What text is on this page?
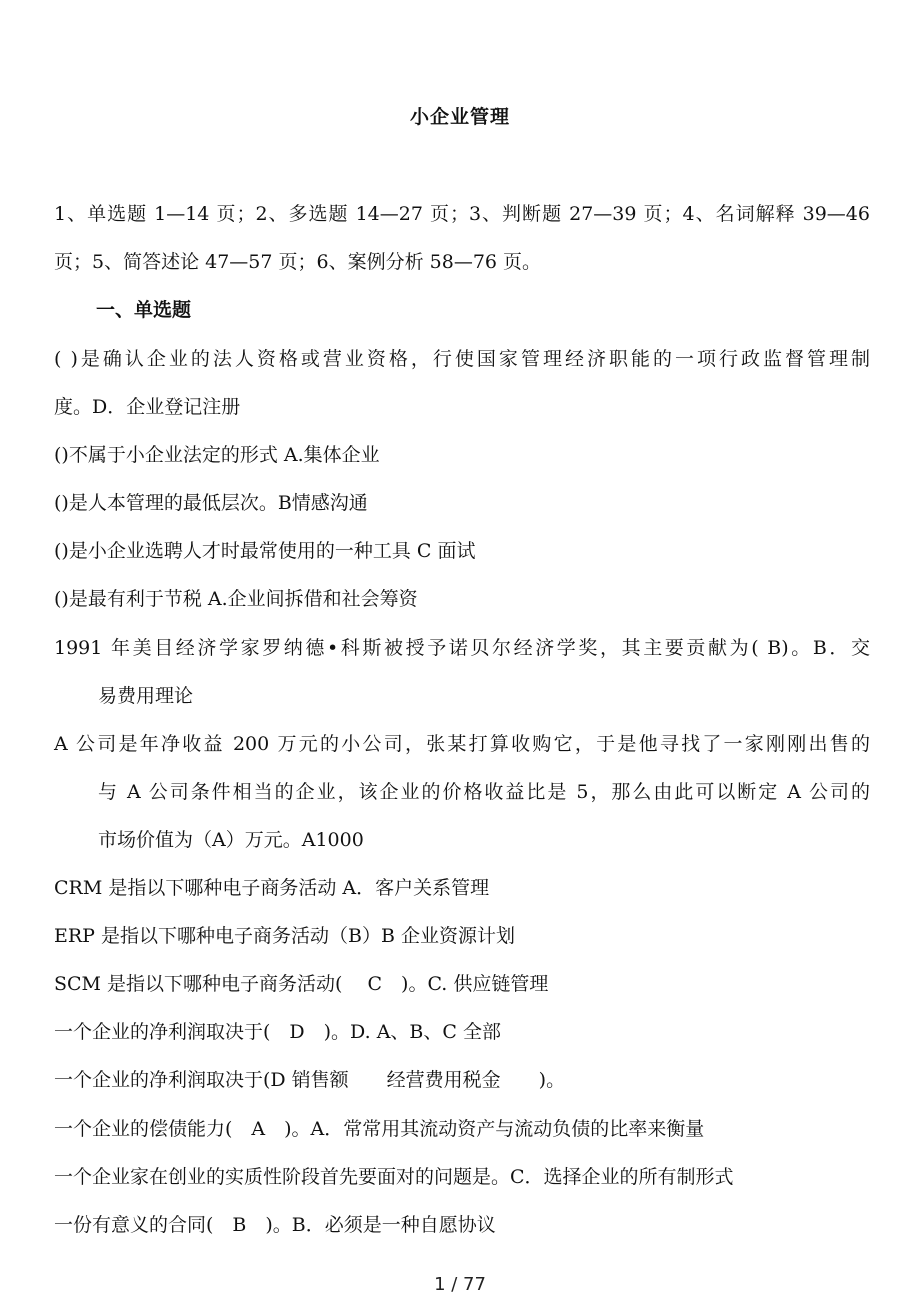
小企业管理
1、单选题 1—14 页；2、多选题 14—27 页；3、判断题 27—39 页；4、名词解释 39—46
页；5、简答述论 47—57 页；6、案例分析 58—76 页。
一、单选题
( )是确认企业的法人资格或营业资格，行使国家管理经济职能的一项行政监督管理制
度。D．企业登记注册
()不属于小企业法定的形式 A.集体企业
()是人本管理的最低层次。B情感沟通
()是小企业选聘人才时最常使用的一种工具 C 面试
()是最有利于节税 A.企业间拆借和社会筹资
1991 年美目经济学家罗纳德•科斯被授予诺贝尔经济学奖，其主要贡献为( B)。B．交
易费用理论
A 公司是年净收益 200 万元的小公司，张某打算收购它，于是他寻找了一家刚刚出售的
与 A 公司条件相当的企业，该企业的价格收益比是 5，那么由此可以断定 A 公司的
市场价值为（A）万元。A1000
CRM 是指以下哪种电子商务活动 A．客户关系管理
ERP 是指以下哪种电子商务活动（B）B 企业资源计划
SCM 是指以下哪种电子商务活动(　 C　)。C. 供应链管理
一个企业的净利润取决于(　D　)。D. A、B、C 全部
一个企业的净利润取决于(D 销售额　　经营费用税金　　)。
一个企业的偿债能力(　A　)。A．常常用其流动资产与流动负债的比率来衡量
一个企业家在创业的实质性阶段首先要面对的问题是。C．选择企业的所有制形式
一份有意义的合同(　B　)。B．必须是一种自愿协议
1 / 77
